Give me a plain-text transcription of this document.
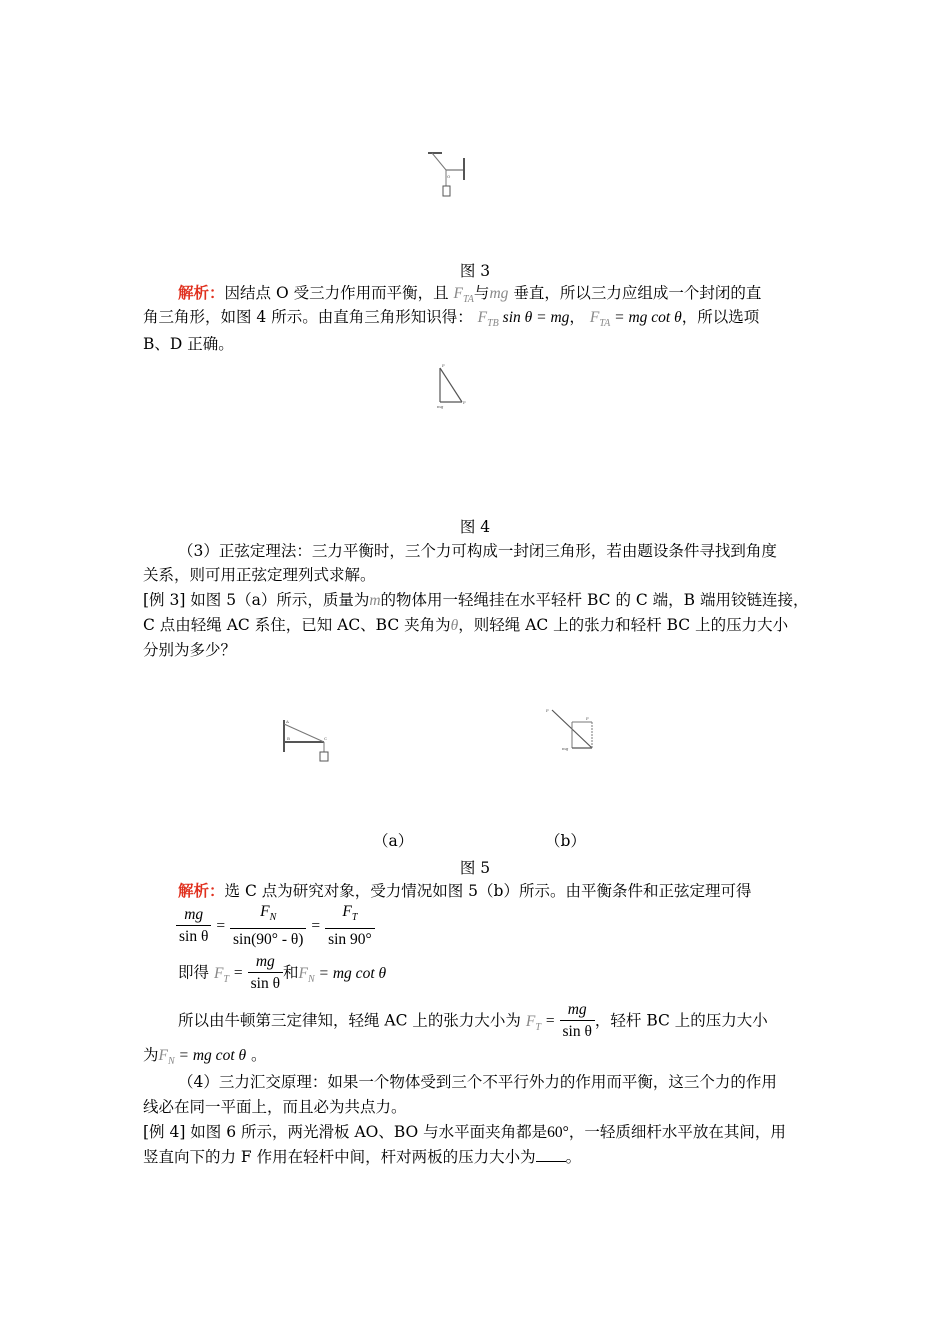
O
图 3
解析：因结点 O 受三力作用而平衡，且 $F_{TA}$与mg 垂直，所以三力应组成一个封闭的直
角三角形，如图 4 所示。由直角三角形知识得： $F_{TB}$ sin θ = mg， $F_{TA}$ = mg cot θ，所以选项
B、D 正确。
F
mg
F
图 4
（3）正弦定理法：三力平衡时，三个力可构成一封闭三角形，若由题设条件寻找到角度
关系，则可用正弦定理列式求解。
[例 3] 如图 5（a）所示，质量为m的物体用一轻绳挂在水平轻杆 BC 的 C 端，B 端用铰链连接，
C 点由轻绳 AC 系住，已知 AC、BC 夹角为θ，则轻绳 AC 上的张力和轻杆 BC 上的压力大小
分别为多少？
A
B	C
F
F
mg
（a）	（b）
图 5
解析：选 C 点为研究对象，受力情况如图 5（b）所示。由平衡条件和正弦定理可得
$\frac{mg}{\text{sin θ}} = \frac{F_N}{\sin(90^\circ - \theta)} = \frac{F_T}{\sin 90^\circ}$
即得 $F_T = \frac{mg}{\text{sin θ}}$ 和$F_N$ = mg cot θ
所以由牛顿第三定律知，轻绳 AC 上的张力大小为 $F_T = \frac{mg}{\text{sin θ}}$ ，轻杆 BC 上的压力大小
为$F_N$ = mg cot θ 。
（4）三力汇交原理：如果一个物体受到三个不平行外力的作用而平衡，这三个力的作用
线必在同一平面上，而且必为共点力。
[例 4] 如图 6 所示，两光滑板 AO、BO 与水平面夹角都是60°，一轻质细杆水平放在其间，用
竖直向下的力 F 作用在轻杆中间，杆对两板的压力大小为 。
